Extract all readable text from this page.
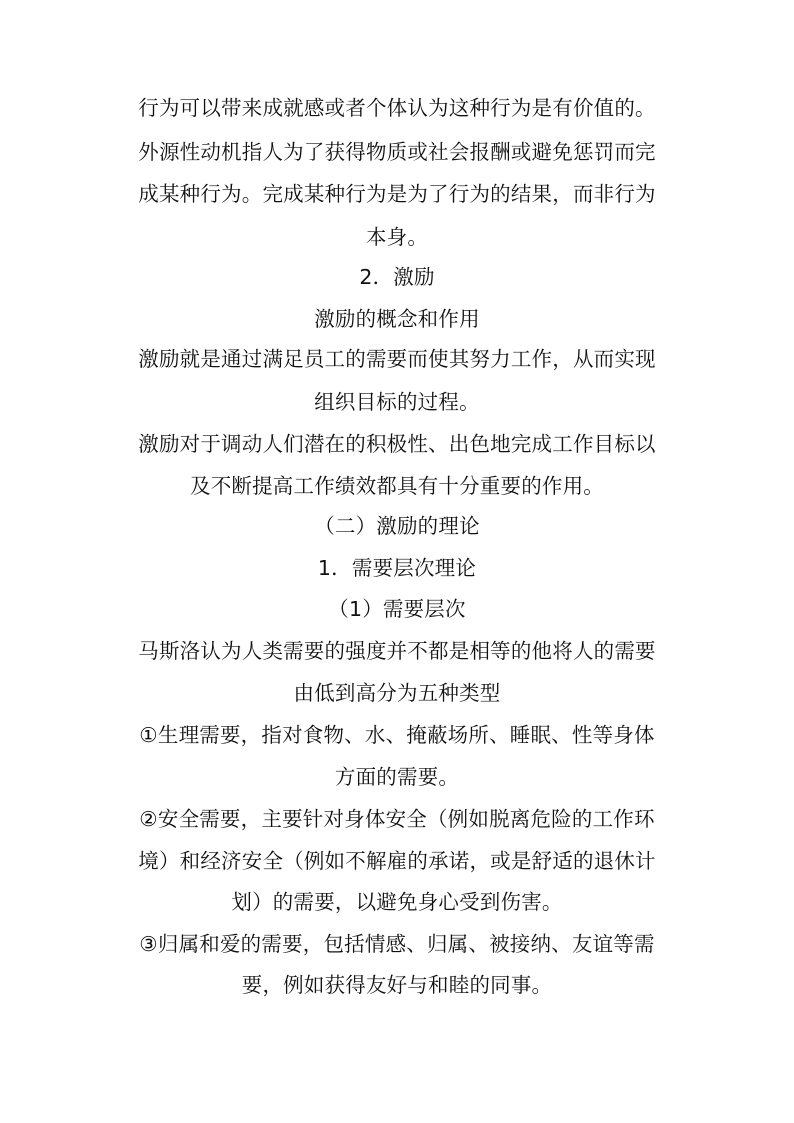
行为可以带来成就感或者个体认为这种行为是有价值的。
外源性动机指人为了获得物质或社会报酬或避免惩罚而完
成某种行为。完成某种行为是为了行为的结果，而非行为
本身。
2．激励
激励的概念和作用
激励就是通过满足员工的需要而使其努力工作，从而实现
组织目标的过程。
激励对于调动人们潜在的积极性、出色地完成工作目标以
及不断提高工作绩效都具有十分重要的作用。
（二）激励的理论
1．需要层次理论
（1）需要层次
马斯洛认为人类需要的强度并不都是相等的他将人的需要
由低到高分为五种类型
①生理需要，指对食物、水、掩蔽场所、睡眠、性等身体
方面的需要。
②安全需要，主要针对身体安全（例如脱离危险的工作环
境）和经济安全（例如不解雇的承诺，或是舒适的退休计
划）的需要，以避免身心受到伤害。
③归属和爱的需要，包括情感、归属、被接纳、友谊等需
要，例如获得友好与和睦的同事。
